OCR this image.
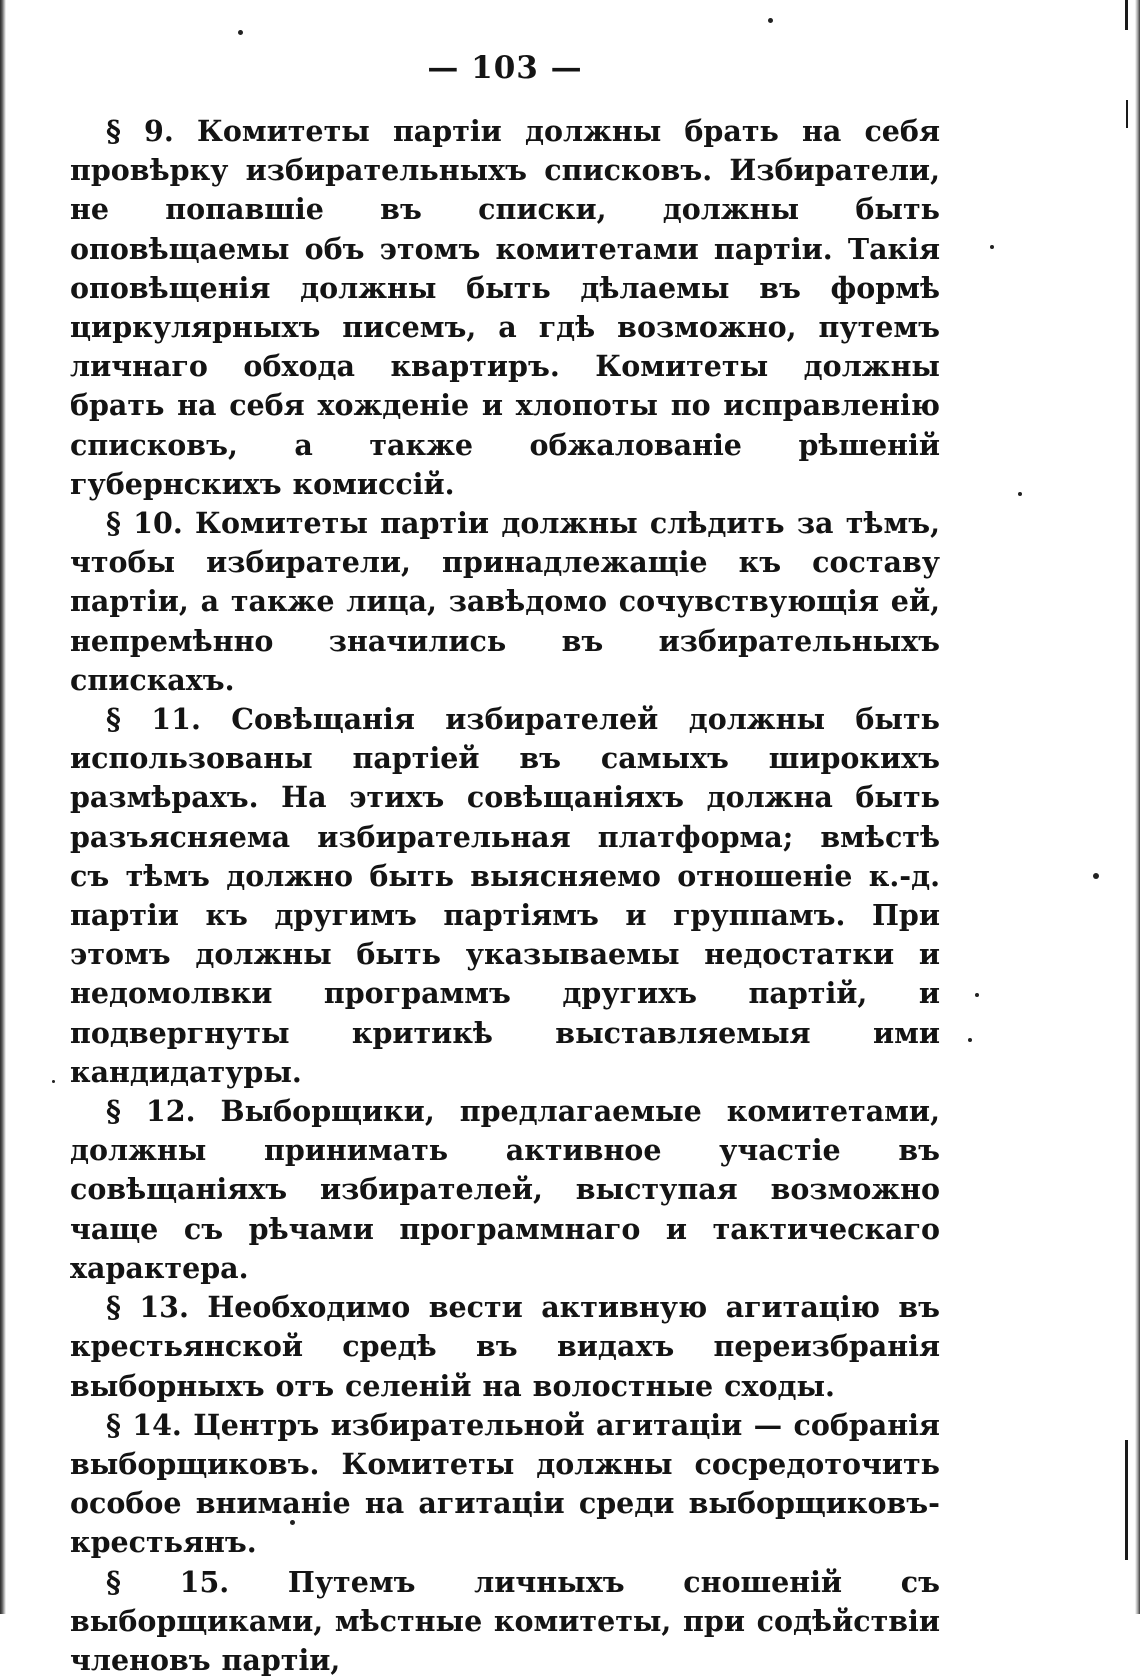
— 103 —

§ 9. Комитеты партіи должны брать на себя провѣрку избирательныхъ списковъ. Избиратели, не попавшіе въ списки, должны быть оповѣщаемы объ этомъ комитетами партіи. Такія оповѣщенія должны быть дѣлаемы въ формѣ циркулярныхъ писемъ, а гдѣ возможно, путемъ личнаго обхода квартиръ. Комитеты должны брать на себя хожденіе и хлопоты по исправленію списковъ, а также обжалованіе рѣшеній губернскихъ комиссій.

§ 10. Комитеты партіи должны слѣдить за тѣмъ, чтобы избиратели, принадлежащіе къ составу партіи, а также лица, завѣдомо сочувствующія ей, непремѣнно значились въ избирательныхъ спискахъ.

§ 11. Совѣщанія избирателей должны быть использованы партіей въ самыхъ широкихъ размѣрахъ. На этихъ совѣщаніяхъ должна быть разъясняема избирательная платформа; вмѣстѣ съ тѣмъ должно быть выясняемо отношеніе к.-д. партіи къ другимъ партіямъ и группамъ. При этомъ должны быть указываемы недостатки и недомолвки программъ другихъ партій, и подвергнуты критикѣ выставляемыя ими кандидатуры.

§ 12. Выборщики, предлагаемые комитетами, должны принимать активное участіе въ совѣщаніяхъ избирателей, выступая возможно чаще съ рѣчами программнаго и тактическаго характера.

§ 13. Необходимо вести активную агитацію въ крестьянской средѣ въ видахъ переизбранія выборныхъ отъ селеній на волостные сходы.

§ 14. Центръ избирательной агитаціи — собранія выборщиковъ. Комитеты должны сосредоточить особое вниманіе на агитаціи среди выборщиковъ-крестьянъ.

§ 15. Путемъ личныхъ сношеній съ выборщиками, мѣстные комитеты, при содѣйствіи членовъ партіи,
